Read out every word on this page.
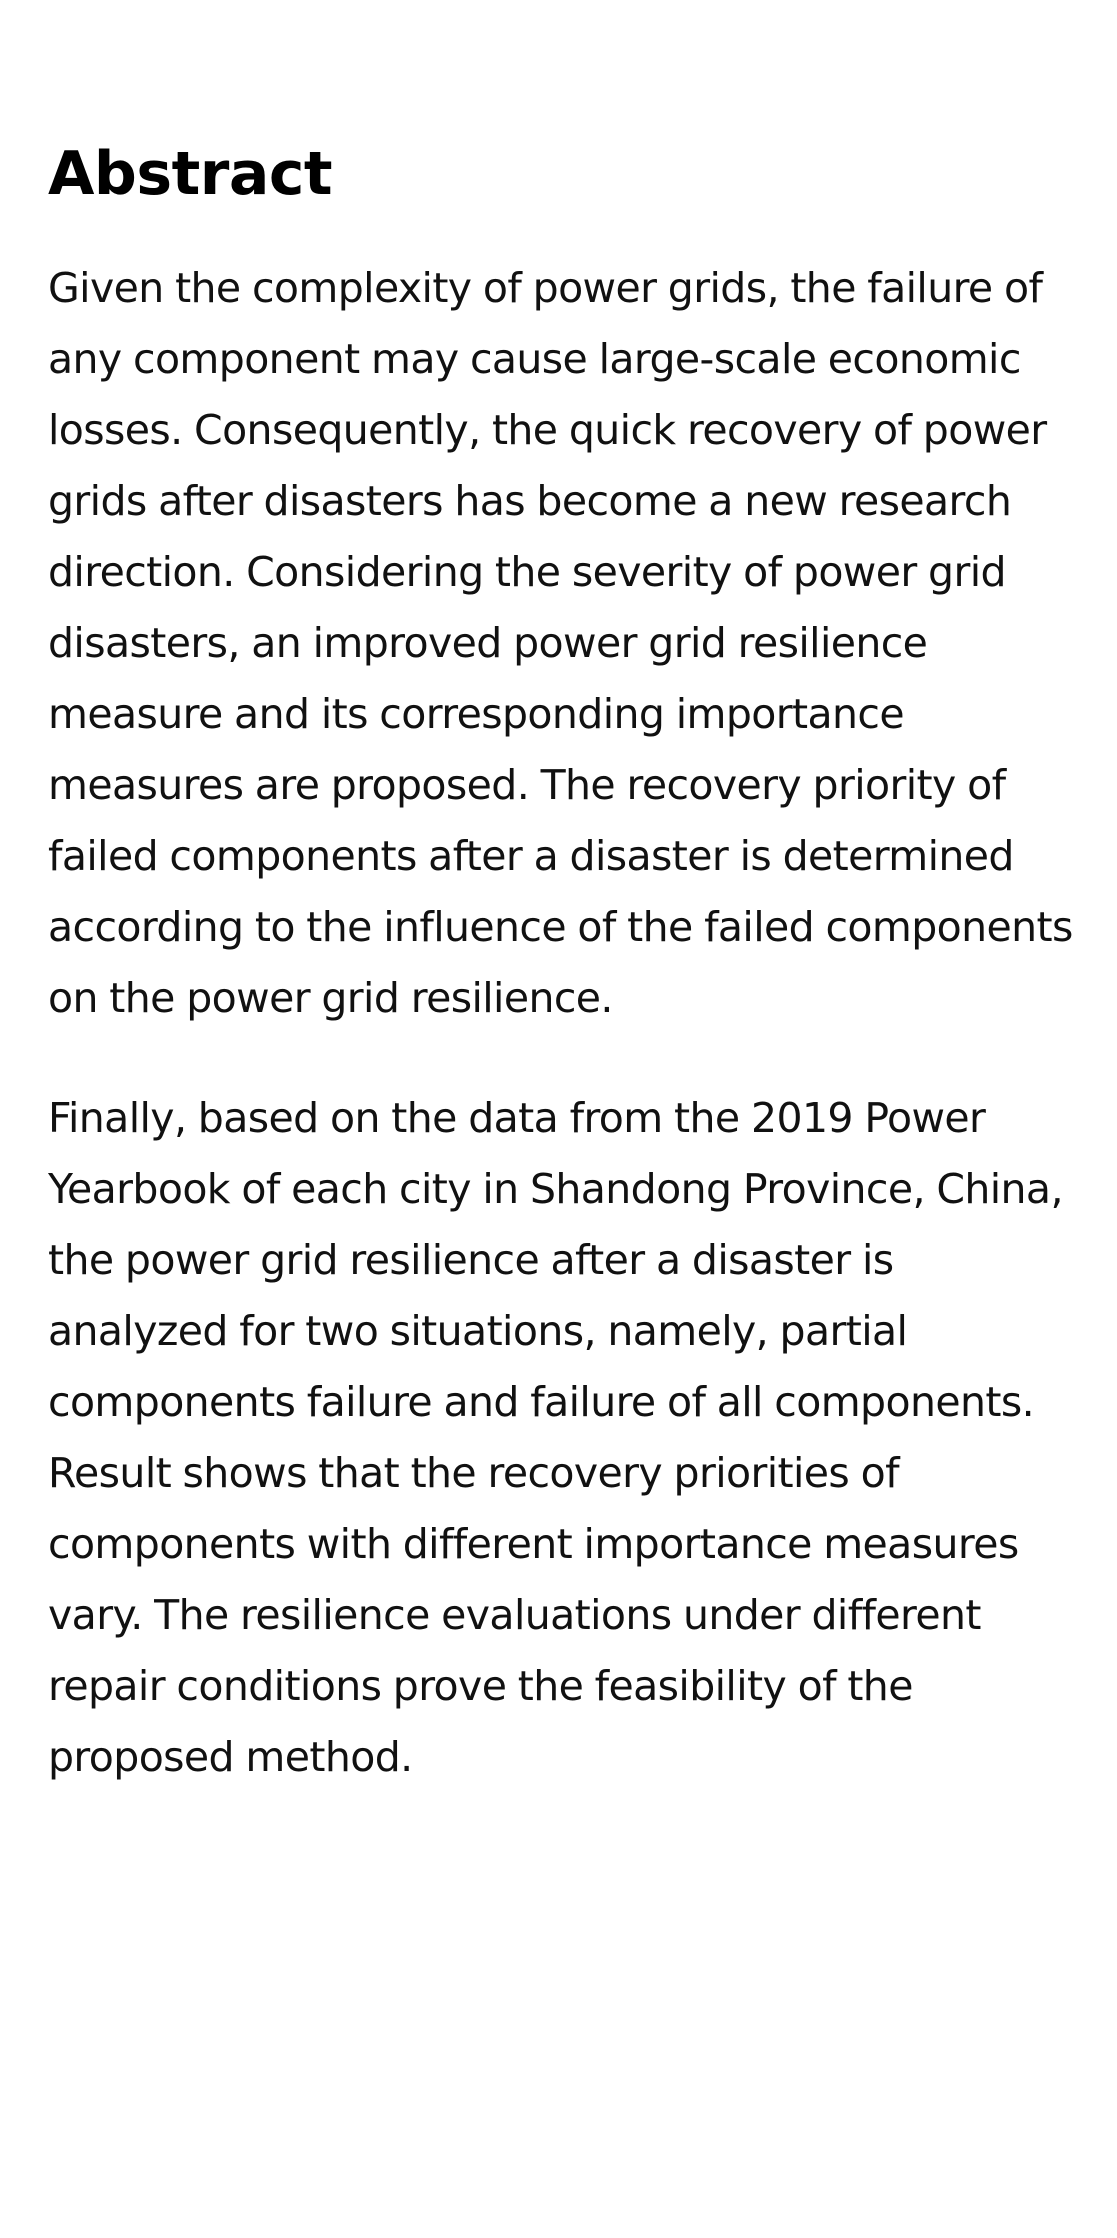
Abstract

Given the complexity of power grids, the failure of any component may cause large-scale economic losses. Consequently, the quick recovery of power grids after disasters has become a new research direction. Considering the severity of power grid disasters, an improved power grid resilience measure and its corresponding importance measures are proposed. The recovery priority of failed components after a disaster is determined according to the influence of the failed components on the power grid resilience.

Finally, based on the data from the 2019 Power Yearbook of each city in Shandong Province, China, the power grid resilience after a disaster is analyzed for two situations, namely, partial components failure and failure of all components. Result shows that the recovery priorities of components with different importance measures vary. The resilience evaluations under different repair conditions prove the feasibility of the proposed method.
